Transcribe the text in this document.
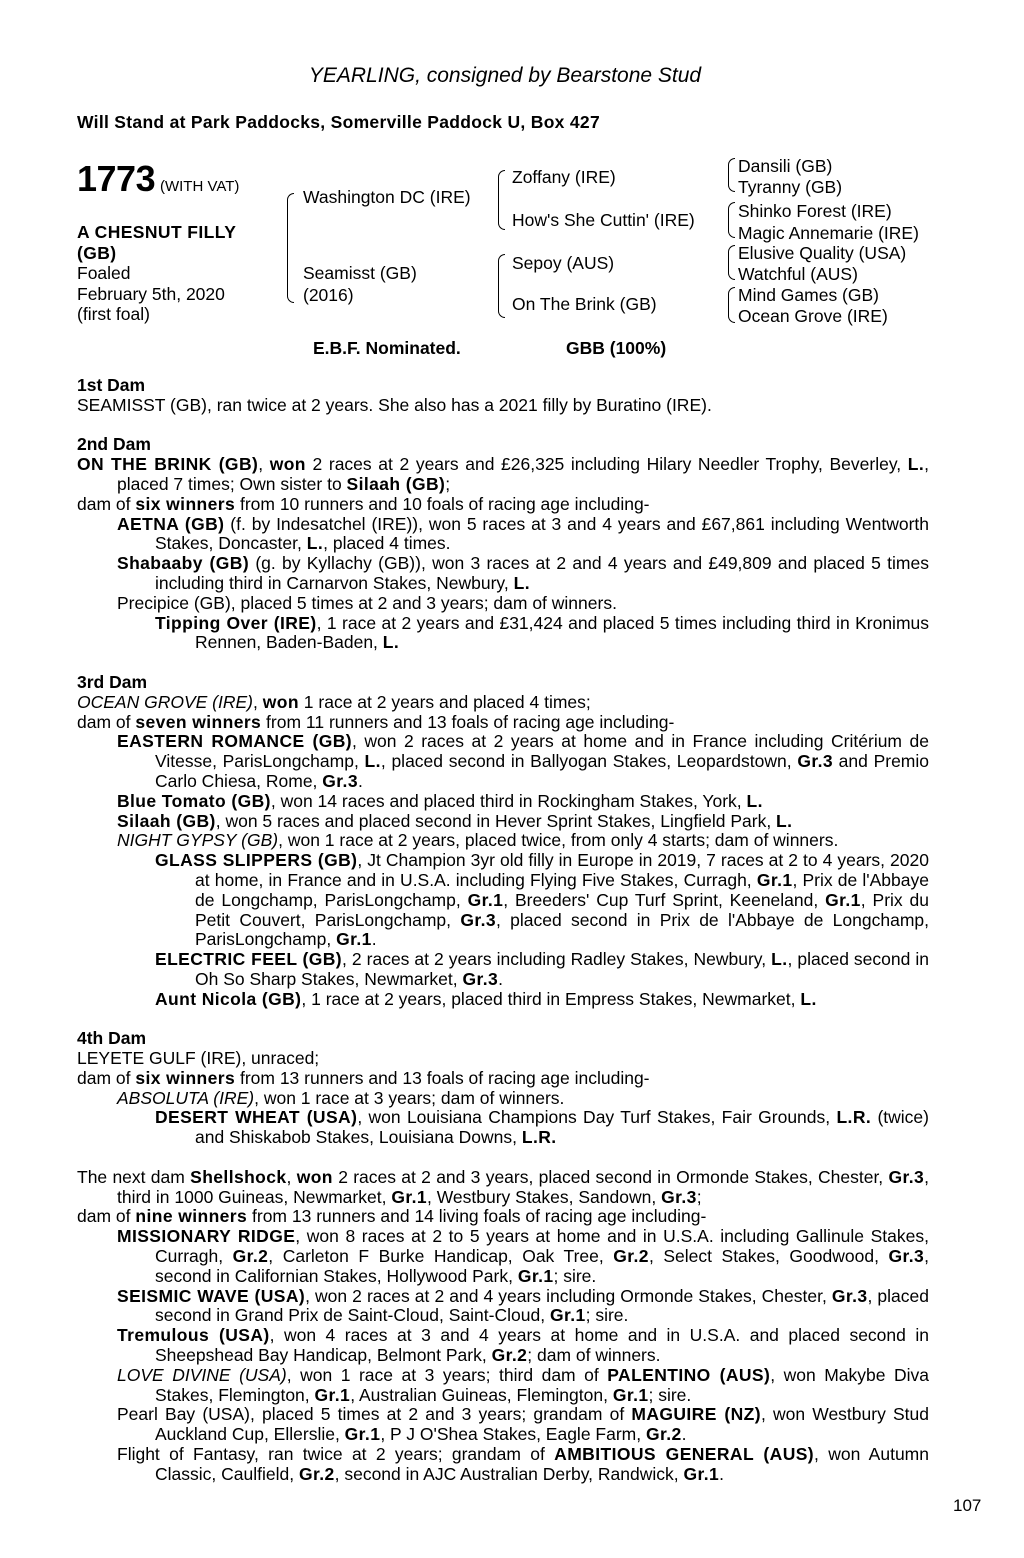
YEARLING, consigned by Bearstone Stud
Will Stand at Park Paddocks, Somerville Paddock U, Box 427
1773 (WITH VAT)
A CHESNUT FILLY
(GB)
Foaled
February 5th, 2020
(first foal)
Washington DC (IRE)
Seamisst (GB)
(2016)
Zoffany (IRE)
How's She Cuttin' (IRE)
Sepoy (AUS)
On The Brink (GB)
Dansili (GB)
Tyranny (GB)
Shinko Forest (IRE)
Magic Annemarie (IRE)
Elusive Quality (USA)
Watchful (AUS)
Mind Games (GB)
Ocean Grove (IRE)
E.B.F. Nominated.	GBB (100%)
1st Dam
SEAMISST (GB), ran twice at 2 years. She also has a 2021 filly by Buratino (IRE).
2nd Dam
ON THE BRINK (GB), won 2 races at 2 years and £26,325 including Hilary Needler Trophy, Beverley, L., placed 7 times; Own sister to Silaah (GB);
dam of six winners from 10 runners and 10 foals of racing age including-
AETNA (GB) (f. by Indesatchel (IRE)), won 5 races at 3 and 4 years and £67,861 including Wentworth Stakes, Doncaster, L., placed 4 times.
Shabaaby (GB) (g. by Kyllachy (GB)), won 3 races at 2 and 4 years and £49,809 and placed 5 times including third in Carnarvon Stakes, Newbury, L.
Precipice (GB), placed 5 times at 2 and 3 years; dam of winners.
Tipping Over (IRE), 1 race at 2 years and £31,424 and placed 5 times including third in Kronimus Rennen, Baden-Baden, L.
3rd Dam
OCEAN GROVE (IRE), won 1 race at 2 years and placed 4 times;
dam of seven winners from 11 runners and 13 foals of racing age including-
EASTERN ROMANCE (GB), won 2 races at 2 years at home and in France including Critérium de Vitesse, ParisLongchamp, L., placed second in Ballyogan Stakes, Leopardstown, Gr.3 and Premio Carlo Chiesa, Rome, Gr.3.
Blue Tomato (GB), won 14 races and placed third in Rockingham Stakes, York, L.
Silaah (GB), won 5 races and placed second in Hever Sprint Stakes, Lingfield Park, L.
NIGHT GYPSY (GB), won 1 race at 2 years, placed twice, from only 4 starts; dam of winners.
GLASS SLIPPERS (GB), Jt Champion 3yr old filly in Europe in 2019, 7 races at 2 to 4 years, 2020 at home, in France and in U.S.A. including Flying Five Stakes, Curragh, Gr.1, Prix de l'Abbaye de Longchamp, ParisLongchamp, Gr.1, Breeders' Cup Turf Sprint, Keeneland, Gr.1, Prix du Petit Couvert, ParisLongchamp, Gr.3, placed second in Prix de l'Abbaye de Longchamp, ParisLongchamp, Gr.1.
ELECTRIC FEEL (GB), 2 races at 2 years including Radley Stakes, Newbury, L., placed second in Oh So Sharp Stakes, Newmarket, Gr.3.
Aunt Nicola (GB), 1 race at 2 years, placed third in Empress Stakes, Newmarket, L.
4th Dam
LEYETE GULF (IRE), unraced;
dam of six winners from 13 runners and 13 foals of racing age including-
ABSOLUTA (IRE), won 1 race at 3 years; dam of winners.
DESERT WHEAT (USA), won Louisiana Champions Day Turf Stakes, Fair Grounds, L.R. (twice) and Shiskabob Stakes, Louisiana Downs, L.R.
The next dam Shellshock, won 2 races at 2 and 3 years, placed second in Ormonde Stakes, Chester, Gr.3, third in 1000 Guineas, Newmarket, Gr.1, Westbury Stakes, Sandown, Gr.3;
dam of nine winners from 13 runners and 14 living foals of racing age including-
MISSIONARY RIDGE, won 8 races at 2 to 5 years at home and in U.S.A. including Gallinule Stakes, Curragh, Gr.2, Carleton F Burke Handicap, Oak Tree, Gr.2, Select Stakes, Goodwood, Gr.3, second in Californian Stakes, Hollywood Park, Gr.1; sire.
SEISMIC WAVE (USA), won 2 races at 2 and 4 years including Ormonde Stakes, Chester, Gr.3, placed second in Grand Prix de Saint-Cloud, Saint-Cloud, Gr.1; sire.
Tremulous (USA), won 4 races at 3 and 4 years at home and in U.S.A. and placed second in Sheepshead Bay Handicap, Belmont Park, Gr.2; dam of winners.
LOVE DIVINE (USA), won 1 race at 3 years; third dam of PALENTINO (AUS), won Makybe Diva Stakes, Flemington, Gr.1, Australian Guineas, Flemington, Gr.1; sire.
Pearl Bay (USA), placed 5 times at 2 and 3 years; grandam of MAGUIRE (NZ), won Westbury Stud Auckland Cup, Ellerslie, Gr.1, P J O'Shea Stakes, Eagle Farm, Gr.2.
Flight of Fantasy, ran twice at 2 years; grandam of AMBITIOUS GENERAL (AUS), won Autumn Classic, Caulfield, Gr.2, second in AJC Australian Derby, Randwick, Gr.1.
107
